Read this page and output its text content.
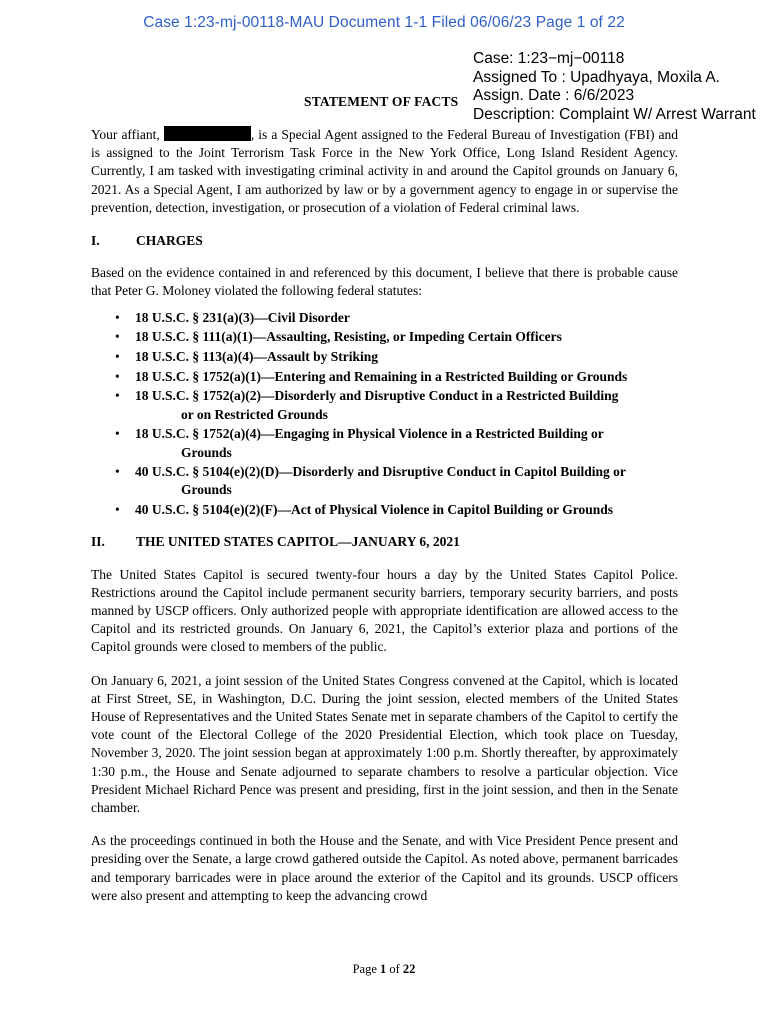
Case 1:23-mj-00118-MAU Document 1-1 Filed 06/06/23 Page 1 of 22
Case: 1:23−mj−00118
Assigned To : Upadhyaya, Moxila A.
Assign. Date : 6/6/2023
Description: Complaint W/ Arrest Warrant
STATEMENT OF FACTS

Your affiant,	, is a Special Agent assigned to the Federal Bureau of Investigation (FBI) and is assigned to the Joint Terrorism Task Force in the New York Office, Long Island Resident Agency. Currently, I am tasked with investigating criminal activity in and around the Capitol grounds on January 6, 2021. As a Special Agent, I am authorized by law or by a government agency to engage in or supervise the prevention, detection, investigation, or prosecution of a violation of Federal criminal laws.

I.	CHARGES

Based on the evidence contained in and referenced by this document, I believe that there is probable cause that Peter G. Moloney violated the following federal statutes:

• 18 U.S.C. § 231(a)(3)—Civil Disorder
• 18 U.S.C. § 111(a)(1)—Assaulting, Resisting, or Impeding Certain Officers
• 18 U.S.C. § 113(a)(4)—Assault by Striking
• 18 U.S.C. § 1752(a)(1)—Entering and Remaining in a Restricted Building or Grounds
• 18 U.S.C. § 1752(a)(2)—Disorderly and Disruptive Conduct in a Restricted Building
or on Restricted Grounds
• 18 U.S.C. § 1752(a)(4)—Engaging in Physical Violence in a Restricted Building or
Grounds
• 40 U.S.C. § 5104(e)(2)(D)—Disorderly and Disruptive Conduct in Capitol Building or
Grounds
• 40 U.S.C. § 5104(e)(2)(F)—Act of Physical Violence in Capitol Building or Grounds
II.	THE UNITED STATES CAPITOL—JANUARY 6, 2021

The United States Capitol is secured twenty-four hours a day by the United States Capitol Police. Restrictions around the Capitol include permanent security barriers, temporary security barriers, and posts manned by USCP officers. Only authorized people with appropriate identification are allowed access to the Capitol and its restricted grounds. On January 6, 2021, the Capitol’s exterior plaza and portions of the Capitol grounds were closed to members of the public.

On January 6, 2021, a joint session of the United States Congress convened at the Capitol, which is located at First Street, SE, in Washington, D.C. During the joint session, elected members of the United States House of Representatives and the United States Senate met in separate chambers of the Capitol to certify the vote count of the Electoral College of the 2020 Presidential Election, which took place on Tuesday, November 3, 2020. The joint session began at approximately 1:00 p.m. Shortly thereafter, by approximately 1:30 p.m., the House and Senate adjourned to separate chambers to resolve a particular objection. Vice President Michael Richard Pence was present and presiding, first in the joint session, and then in the Senate chamber.

As the proceedings continued in both the House and the Senate, and with Vice President Pence present and presiding over the Senate, a large crowd gathered outside the Capitol. As noted above, permanent barricades and temporary barricades were in place around the exterior of the Capitol and its grounds. USCP officers were also present and attempting to keep the advancing crowd

Page 1 of 22
